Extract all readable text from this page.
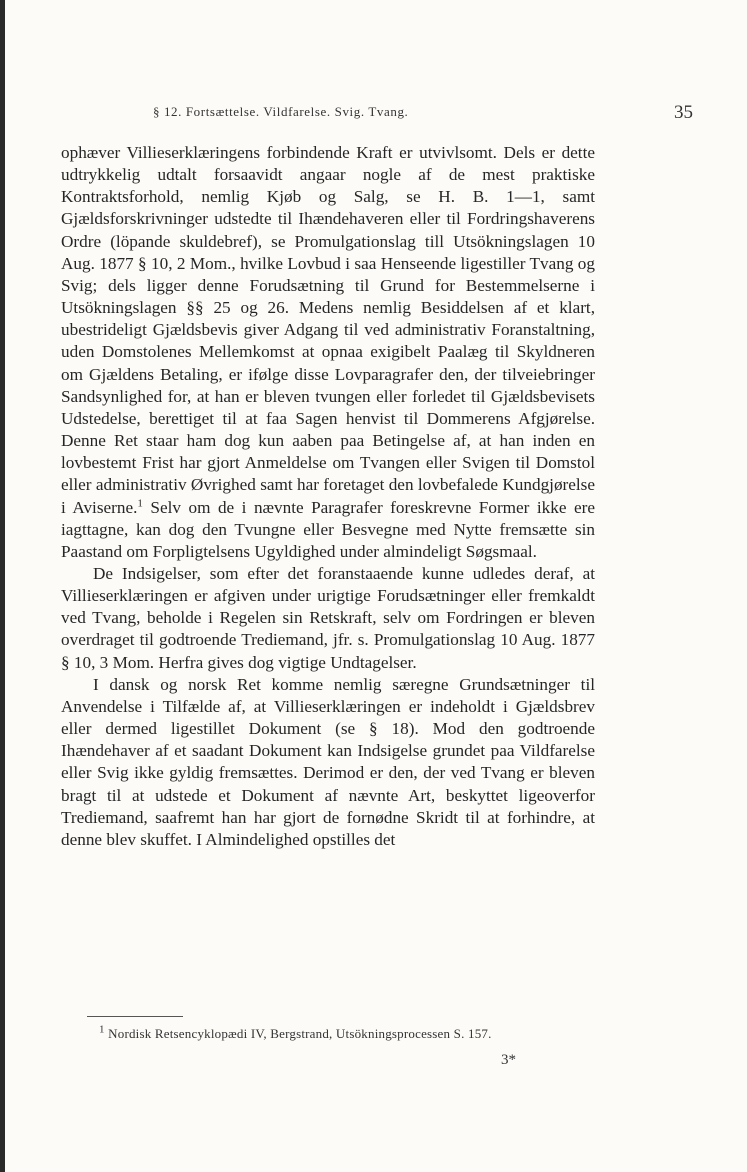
§ 12. Fortsættelse. Vildfarelse. Svig. Tvang.	35

ophæver Villieserklæringens forbindende Kraft er utvivlsomt. Dels er dette udtrykkelig udtalt forsaavidt angaar nogle af de mest praktiske Kontraktsforhold, nemlig Kjøb og Salg, se H. B. 1—1, samt Gjældsforskrivninger udstedte til Ihændehaveren eller til Fordringshaverens Ordre (löpande skuldebref), se Promulgationslag till Utsökningslagen 10 Aug. 1877 § 10, 2 Mom., hvilke Lovbud i saa Henseende ligestiller Tvang og Svig; dels ligger denne Forudsætning til Grund for Bestemmelserne i Utsökningslagen §§ 25 og 26. Medens nemlig Besiddelsen af et klart, ubestrideligt Gjældsbevis giver Adgang til ved administrativ Foranstaltning, uden Domstolenes Mellemkomst at opnaa exigibelt Paalæg til Skyldneren om Gjældens Betaling, er ifølge disse Lovparagrafer den, der tilveiebringer Sandsynlighed for, at han er bleven tvungen eller forledet til Gjældsbevisets Udstedelse, berettiget til at faa Sagen henvist til Dommerens Afgjørelse. Denne Ret staar ham dog kun aaben paa Betingelse af, at han inden en lovbestemt Frist har gjort Anmeldelse om Tvangen eller Svigen til Domstol eller administrativ Øvrighed samt har foretaget den lovbefalede Kundgjørelse i Aviserne.$^1$ Selv om de i nævnte Paragrafer foreskrevne Former ikke ere iagttagne, kan dog den Tvungne eller Besvegne med Nytte fremsætte sin Paastand om Forpligtelsens Ugyldighed under almindeligt Søgsmaal.

De Indsigelser, som efter det foranstaaende kunne udledes deraf, at Villieserklæringen er afgiven under urigtige Forudsætninger eller fremkaldt ved Tvang, beholde i Regelen sin Retskraft, selv om Fordringen er bleven overdraget til godtroende Trediemand, jfr. s. Promulgationslag 10 Aug. 1877 § 10, 3 Mom. Herfra gives dog vigtige Undtagelser.

I dansk og norsk Ret komme nemlig særegne Grundsætninger til Anvendelse i Tilfælde af, at Villieserklæringen er indeholdt i Gjældsbrev eller dermed ligestillet Dokument (se § 18). Mod den godtroende Ihændehaver af et saadant Dokument kan Indsigelse grundet paa Vildfarelse eller Svig ikke gyldig fremsættes. Derimod er den, der ved Tvang er bleven bragt til at udstede et Dokument af nævnte Art, beskyttet ligeoverfor Trediemand, saafremt han har gjort de fornødne Skridt til at forhindre, at denne blev skuffet. I Almindelighed opstilles det

$^1$ Nordisk Retsencyklopædi IV, Bergstrand, Utsökningsprocessen S. 157.
3*
